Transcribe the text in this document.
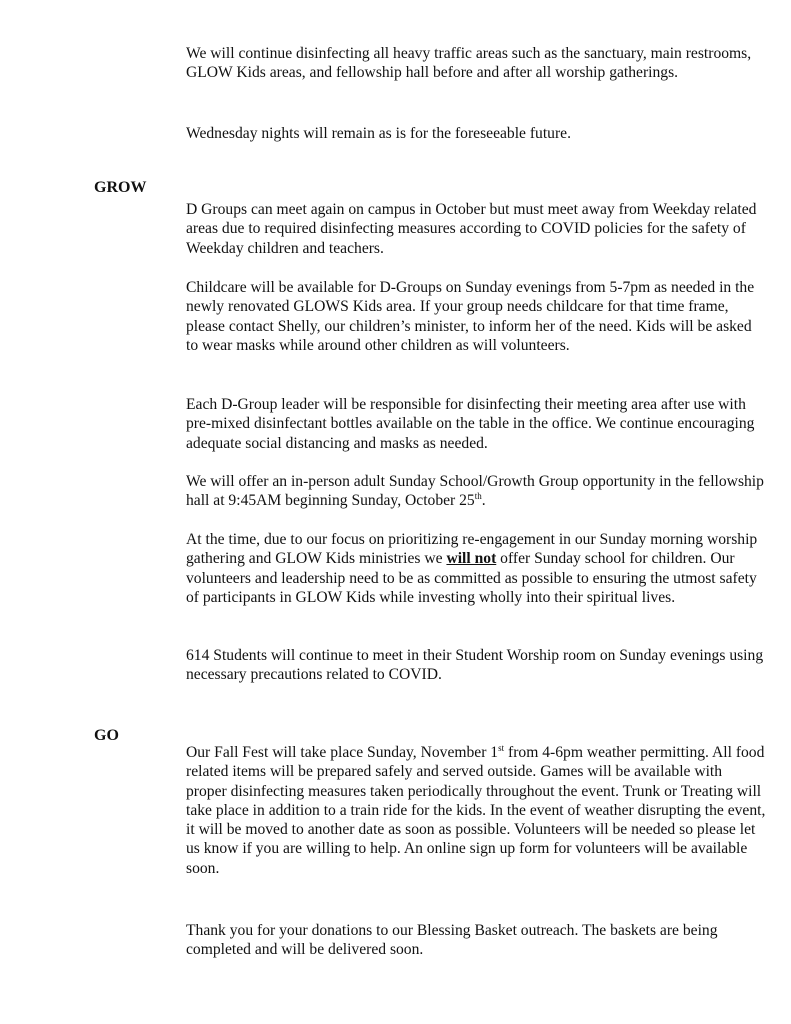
We will continue disinfecting all heavy traffic areas such as the sanctuary, main restrooms, GLOW Kids areas, and fellowship hall before and after all worship gatherings.

Wednesday nights will remain as is for the foreseeable future.

GROW

D Groups can meet again on campus in October but must meet away from Weekday related areas due to required disinfecting measures according to COVID policies for the safety of Weekday children and teachers.

Childcare will be available for D-Groups on Sunday evenings from 5-7pm as needed in the newly renovated GLOWS Kids area. If your group needs childcare for that time frame, please contact Shelly, our children’s minister, to inform her of the need. Kids will be asked to wear masks while around other children as will volunteers.

Each D-Group leader will be responsible for disinfecting their meeting area after use with pre-mixed disinfectant bottles available on the table in the office. We continue encouraging adequate social distancing and masks as needed.

We will offer an in-person adult Sunday School/Growth Group opportunity in the fellowship hall at 9:45AM beginning Sunday, October 25th.

At the time, due to our focus on prioritizing re-engagement in our Sunday morning worship gathering and GLOW Kids ministries we will not offer Sunday school for children. Our volunteers and leadership need to be as committed as possible to ensuring the utmost safety of participants in GLOW Kids while investing wholly into their spiritual lives.

614 Students will continue to meet in their Student Worship room on Sunday evenings using necessary precautions related to COVID.

GO

Our Fall Fest will take place Sunday, November 1st from 4-6pm weather permitting. All food related items will be prepared safely and served outside. Games will be available with proper disinfecting measures taken periodically throughout the event. Trunk or Treating will take place in addition to a train ride for the kids. In the event of weather disrupting the event, it will be moved to another date as soon as possible. Volunteers will be needed so please let us know if you are willing to help. An online sign up form for volunteers will be available soon.

Thank you for your donations to our Blessing Basket outreach. The baskets are being completed and will be delivered soon.
